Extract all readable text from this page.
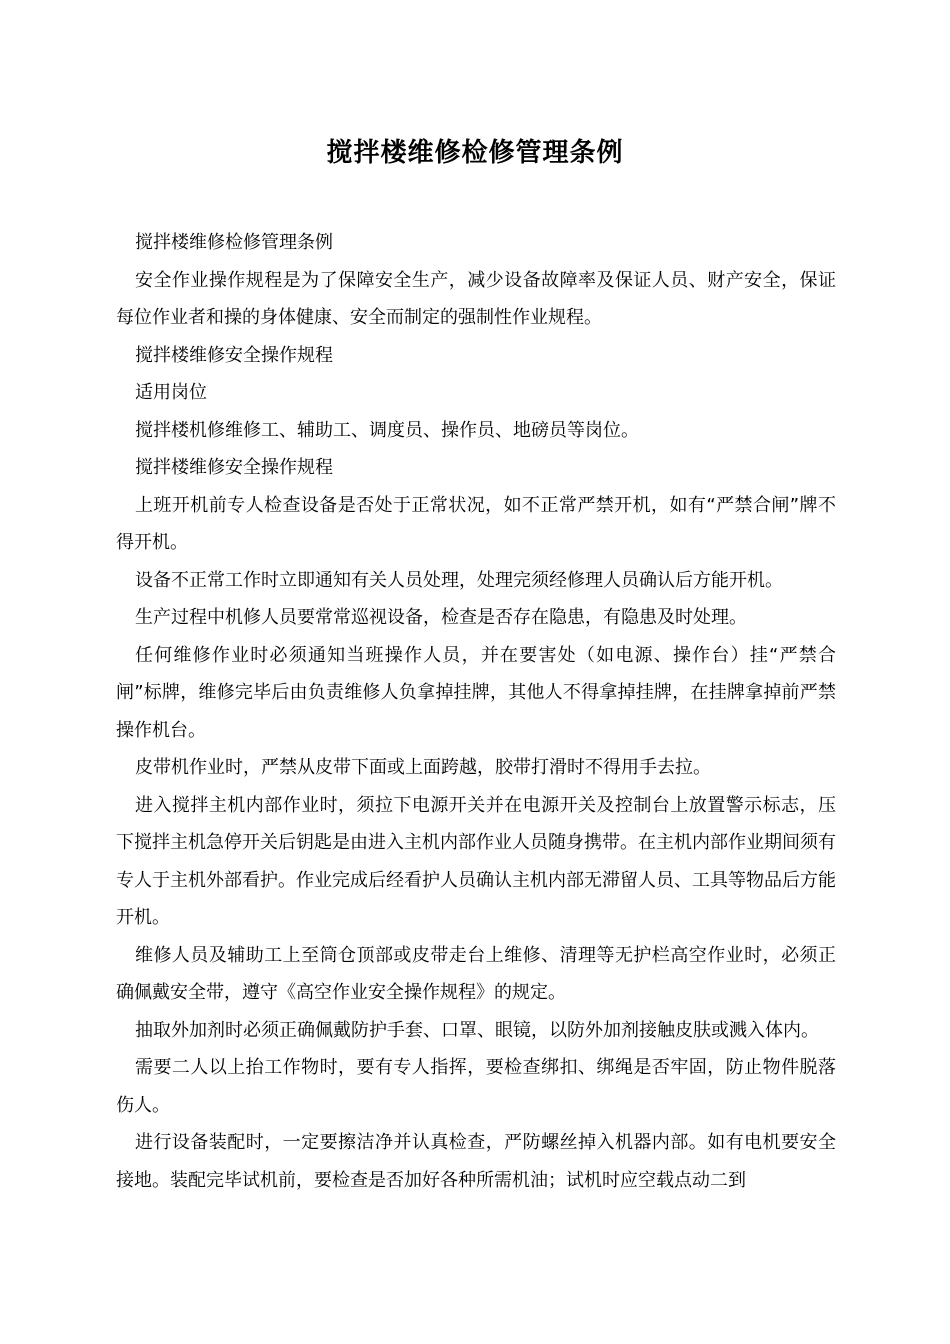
搅拌楼维修检修管理条例

搅拌楼维修检修管理条例

安全作业操作规程是为了保障安全生产，减少设备故障率及保证人员、财产安全，保证每位作业者和操的身体健康、安全而制定的强制性作业规程。

搅拌楼维修安全操作规程

适用岗位

搅拌楼机修维修工、辅助工、调度员、操作员、地磅员等岗位。

搅拌楼维修安全操作规程

上班开机前专人检查设备是否处于正常状况，如不正常严禁开机，如有“严禁合闸”牌不得开机。

设备不正常工作时立即通知有关人员处理，处理完须经修理人员确认后方能开机。

生产过程中机修人员要常常巡视设备，检查是否存在隐患，有隐患及时处理。

任何维修作业时必须通知当班操作人员，并在要害处（如电源、操作台）挂“严禁合闸”标牌，维修完毕后由负责维修人负拿掉挂牌，其他人不得拿掉挂牌，在挂牌拿掉前严禁操作机台。

皮带机作业时，严禁从皮带下面或上面跨越，胶带打滑时不得用手去拉。

进入搅拌主机内部作业时，须拉下电源开关并在电源开关及控制台上放置警示标志，压下搅拌主机急停开关后钥匙是由进入主机内部作业人员随身携带。在主机内部作业期间须有专人于主机外部看护。作业完成后经看护人员确认主机内部无滞留人员、工具等物品后方能开机。

维修人员及辅助工上至筒仓顶部或皮带走台上维修、清理等无护栏高空作业时，必须正确佩戴安全带，遵守《高空作业安全操作规程》的规定。

抽取外加剂时必须正确佩戴防护手套、口罩、眼镜，以防外加剂接触皮肤或溅入体内。

需要二人以上抬工作物时，要有专人指挥，要检查绑扣、绑绳是否牢固，防止物件脱落伤人。

进行设备装配时，一定要擦洁净并认真检查，严防螺丝掉入机器内部。如有电机要安全接地。装配完毕试机前，要检查是否加好各种所需机油；试机时应空载点动二到
